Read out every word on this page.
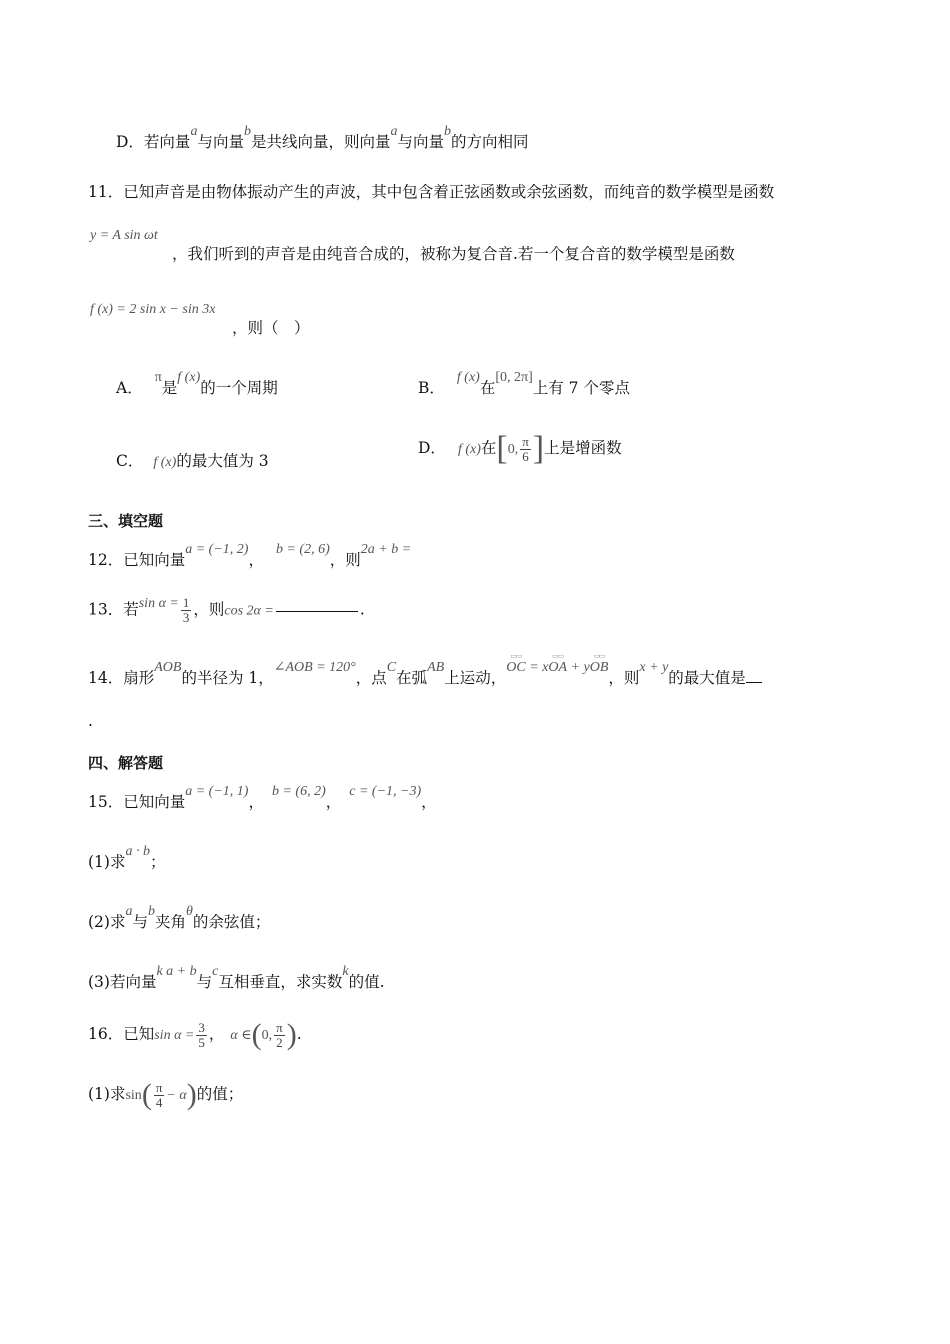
D．若向量a与向量b是共线向量，则向量a与向量b的方向相同
11．已知声音是由物体振动产生的声波，其中包含着正弦函数或余弦函数，而纯音的数学模型是函数
y = A sin ωt
，我们听到的声音是由纯音合成的，被称为复合音.若一个复合音的数学模型是函数
f (x) = 2 sin x − sin 3x
，则（　）
A．π是f (x)的一个周期	B．f (x)在[0, 2π]上有 7 个零点
C． f (x)的最大值为 3
D． f (x)在[0, $\frac{\pi}{6}$ ]上是增函数
三、填空题
12．已知向量a = (−1, 2)，b = (2, 6)，则2a + b =
13．若$\sin \alpha = \frac{1}{3}$ ，则cos 2α =	.
14．扇形AOB的半径为 1，∠AOB = 120°，点C在弧AB上运动，
▭▭
OC = x
▭▭
OA + y
▭▭
OB，则x + y的最大值是
.
四、解答题
15．已知向量a = (−1, 1)，b = (6, 2)，c = (−1, −3)，
(1)求a · b；
(2)求a与b夹角θ的余弦值；
(3)若向量k a + b与c互相垂直，求实数k的值.
16．已知$\sin \alpha = \frac{3}{5}$ ， α ∈(0, $\frac{\pi}{2}$ ).
(1)求$\sin( \frac{\pi}{4} - \alpha)$的值；
